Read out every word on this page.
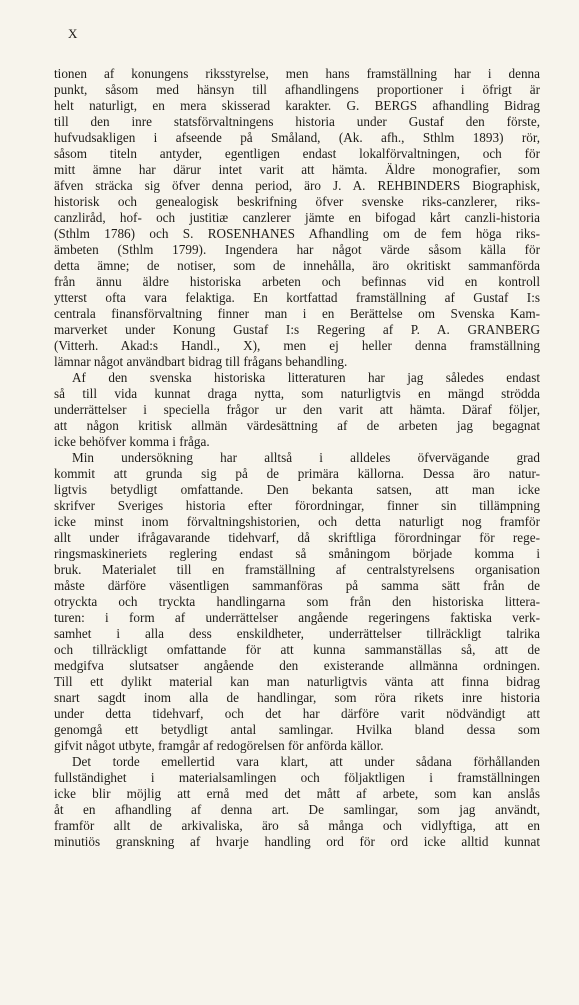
X
tionen af konungens riksstyrelse, men hans framställning har i denna
punkt, såsom med hänsyn till afhandlingens proportioner i öfrigt är
helt naturligt, en mera skisserad karakter. G. BERGS afhandling Bidrag
till den inre statsförvaltningens historia under Gustaf den förste,
hufvudsakligen i afseende på Småland, (Ak. afh., Sthlm 1893) rör,
såsom titeln antyder, egentligen endast lokalförvaltningen, och för
mitt ämne har därur intet varit att hämta. Äldre monografier, som
äfven sträcka sig öfver denna period, äro J. A. REHBINDERS Biographisk,
historisk och genealogisk beskrifning öfver svenske riks-canzlerer, riks-
canzliråd, hof- och justitiæ canzlerer jämte en bifogad kårt canzli-historia
(Sthlm 1786) och S. ROSENHANES Afhandling om de fem höga riks-
ämbeten (Sthlm 1799). Ingendera har något värde såsom källa för
detta ämne; de notiser, som de innehålla, äro okritiskt sammanförda
från ännu äldre historiska arbeten och befinnas vid en kontroll
ytterst ofta vara felaktiga. En kortfattad framställning af Gustaf I:s
centrala finansförvaltning finner man i en Berättelse om Svenska Kam-
marverket under Konung Gustaf I:s Regering af P. A. GRANBERG
(Vitterh. Akad:s Handl., X), men ej heller denna framställning
lämnar något användbart bidrag till frågans behandling.
Af den svenska historiska litteraturen har jag således endast
så till vida kunnat draga nytta, som naturligtvis en mängd strödda
underrättelser i speciella frågor ur den varit att hämta. Däraf följer,
att någon kritisk allmän värdesättning af de arbeten jag begagnat
icke behöfver komma i fråga.
Min undersökning har alltså i alldeles öfvervägande grad
kommit att grunda sig på de primära källorna. Dessa äro natur-
ligtvis betydligt omfattande. Den bekanta satsen, att man icke
skrifver Sveriges historia efter förordningar, finner sin tillämpning
icke minst inom förvaltningshistorien, och detta naturligt nog framför
allt under ifrågavarande tidehvarf, då skriftliga förordningar för rege-
ringsmaskineriets reglering endast så småningom började komma i
bruk. Materialet till en framställning af centralstyrelsens organisation
måste därföre väsentligen sammanföras på samma sätt från de
otryckta och tryckta handlingarna som från den historiska littera-
turen: i form af underrättelser angående regeringens faktiska verk-
samhet i alla dess enskildheter, underrättelser tillräckligt talrika
och tillräckligt omfattande för att kunna sammanställas så, att de
medgifva slutsatser angående den existerande allmänna ordningen.
Till ett dylikt material kan man naturligtvis vänta att finna bidrag
snart sagdt inom alla de handlingar, som röra rikets inre historia
under detta tidehvarf, och det har därföre varit nödvändigt att
genomgå ett betydligt antal samlingar. Hvilka bland dessa som
gifvit något utbyte, framgår af redogörelsen för anförda källor.
Det torde emellertid vara klart, att under sådana förhållanden
fullständighet i materialsamlingen och följaktligen i framställningen
icke blir möjlig att ernå med det mått af arbete, som kan anslås
åt en afhandling af denna art. De samlingar, som jag användt,
framför allt de arkivaliska, äro så många och vidlyftiga, att en
minutiös granskning af hvarje handling ord för ord icke alltid kunnat
